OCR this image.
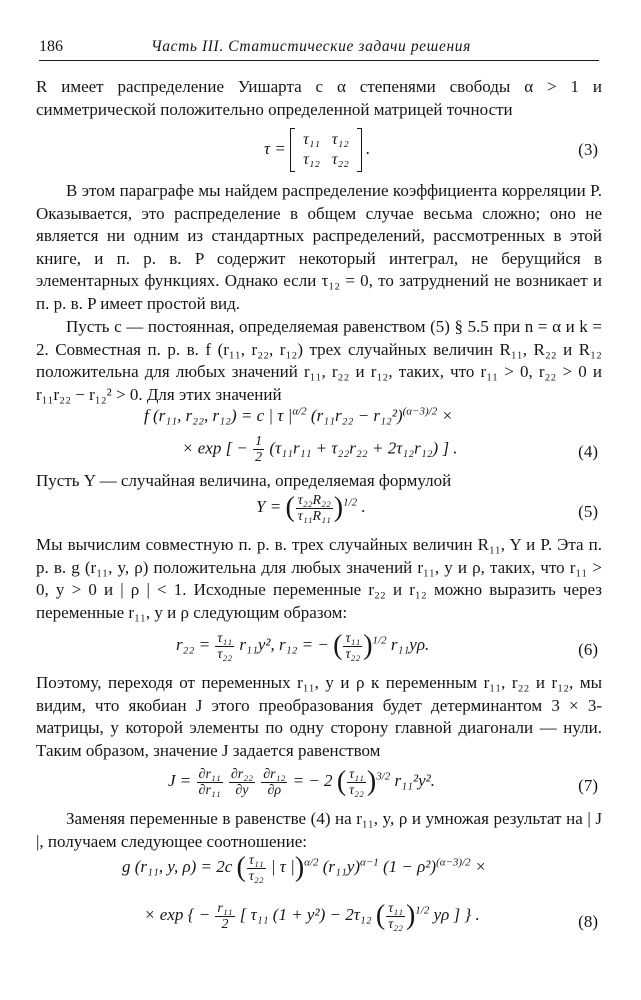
186	Часть III. Статистические задачи решения

R имеет распределение Уишарта с α степенями свободы α > 1 и симметрической положительно определенной матрицей точности

τ = τ₁₁	τ₁₂
τ₁₂	τ₂₂
.	(3)

В этом параграфе мы найдем распределение коэффициента корреляции P. Оказывается, это распределение в общем случае весьма сложно; оно не является ни одним из стандартных распределений, рассмотренных в этой книге, и п. р. в. P содержит некоторый интеграл, не берущийся в элементарных функциях. Однако если τ₁₂ = 0, то затруднений не возникает и п. р. в. P имеет простой вид.

Пусть c — постоянная, определяемая равенством (5) § 5.5 при n = α и k = 2. Совместная п. р. в. f (r₁₁, r₂₂, r₁₂) трех случайных величин R₁₁, R₂₂ и R₁₂ положительна для любых значений r₁₁, r₂₂ и r₁₂, таких, что r₁₁ > 0, r₂₂ > 0 и r₁₁r₂₂ − r₁₂² > 0. Для этих значений

f (r₁₁, r₂₂, r₁₂) = c | τ $|^{\alpha/2}$ $(r_{11}r_{22} - r_{12}^2)^{(\alpha-3)/2}$ ×
× exp [ − $\frac{1}{2} (\tau_{11}r_{11} + \tau_{22}r_{22} + 2\tau_{12}r_{12})$ ] .	(4)

Пусть Y — случайная величина, определяемая формулой

Y = ( $\frac{\text{τ₂₂R₂₂}}{\text{τ₁₁R₁₁}} )^{1/2}$ .	(5)

Мы вычислим совместную п. р. в. трех случайных величин R₁₁, Y и P. Эта п. р. в. g (r₁₁, y, ρ) положительна для любых значений r₁₁, y и ρ, таких, что r₁₁ > 0, y > 0 и | ρ | < 1. Исходные переменные r₂₂ и r₁₂ можно выразить через переменные r₁₁, y и ρ следующим образом:

$r_{22} = \frac{\text{τ₁₁}}{\text{τ₂₂}} r_{11}y^2$, r₁₂ = − ( $\frac{\text{τ₁₁}}{\text{τ₂₂}} )^{1/2}$ r₁₁yρ.	(6)

Поэтому, переходя от переменных r₁₁, y и ρ к переменным r₁₁, r₂₂ и r₁₂, мы видим, что якобиан J этого преобразования будет детерминантом 3 × 3-матрицы, у которой элементы по одну сторону главной диагонали — нули. Таким образом, значение J задается равенством

$J = \frac{\text{∂r₁₁}}{\text{∂r₁₁}}$
$\frac{\text{∂r₂₂}}{\partial y}$
$\frac{\text{∂r₁₂}}{\partial\rho}$ = − 2 ( $\frac{\text{τ₁₁}}{\text{τ₂₂}} )^{3/2}$ r₁₁²y².	(7)

Заменяя переменные в равенстве (4) на r₁₁, y, ρ и умножая результат на | J |, получаем следующее соотношение:

g (r₁₁, y, ρ) = 2c ( $\frac{\text{τ₁₁}}{\text{τ₂₂}}$ | τ |)$^{\alpha/2}$ $(r_{11}y)^{\alpha-1}$ $(1 - \rho^2)^{(\alpha-3)/2}$ ×
× exp { − $\frac{\text{r₁₁}}{2}$ [ τ₁₁ (1 + y²) − 2τ₁₂ ( $\frac{\text{τ₁₁}}{\text{τ₂₂}} )^{1/2}$ yρ ] } .	(8)
